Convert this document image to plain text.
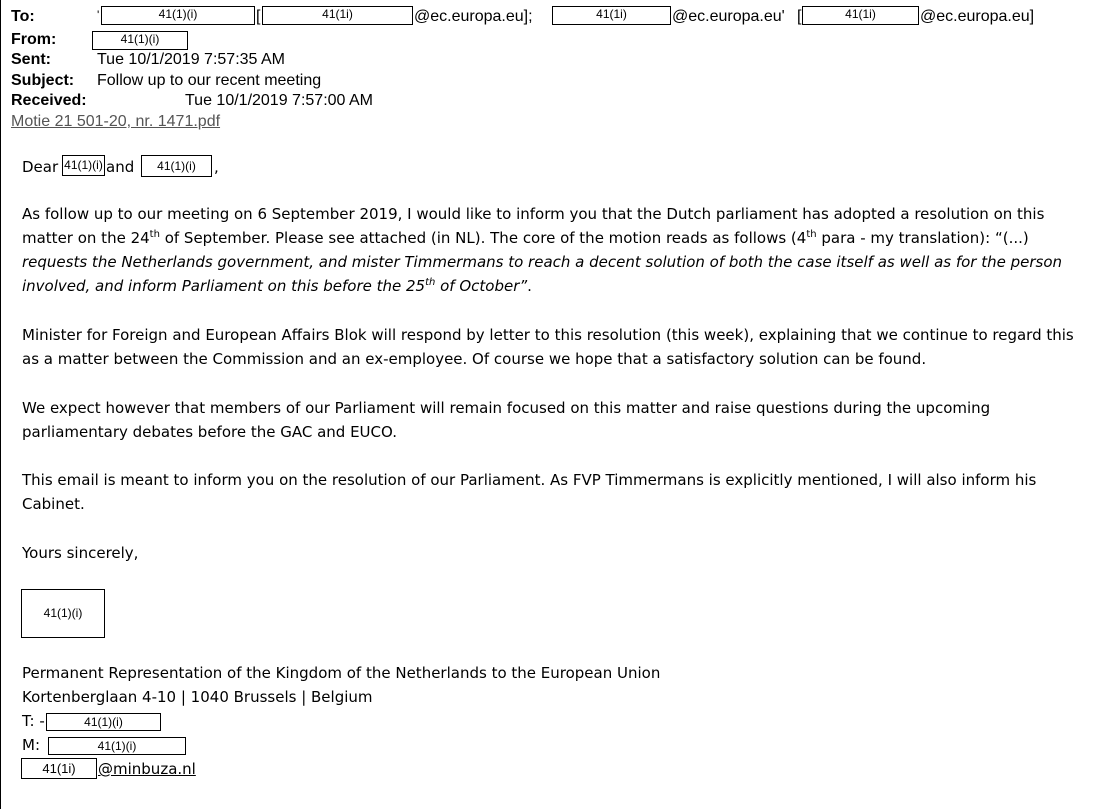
To:	'	41(1)(i)	[	41(1i)	@ec.europa.eu];	41(1i)	@ec.europa.eu' [	41(1i)	@ec.europa.eu]
From:	41(1)(i)
Sent:	Tue 10/1/2019 7:57:35 AM
Subject: Follow up to our recent meeting
Received:	Tue 10/1/2019 7:57:00 AM
Motie 21 501-20, nr. 1471.pdf
Dear 41(1)(i) and	41(1)(i)	,

As follow up to our meeting on 6 September 2019, I would like to inform you that the Dutch parliament has adopted a resolution on this matter on the 24th of September. Please see attached (in NL). The core of the motion reads as follows (4th para - my translation): “(...) requests the Netherlands government, and mister Timmermans to reach a decent solution of both the case itself as well as for the person involved, and inform Parliament on this before the 25th of October”.

Minister for Foreign and European Affairs Blok will respond by letter to this resolution (this week), explaining that we continue to regard this as a matter between the Commission and an ex-employee. Of course we hope that a satisfactory solution can be found.

We expect however that members of our Parliament will remain focused on this matter and raise questions during the upcoming parliamentary debates before the GAC and EUCO.

This email is meant to inform you on the resolution of our Parliament. As FVP Timmermans is explicitly mentioned, I will also inform his Cabinet.

Yours sincerely,

41(1)(i)
Permanent Representation of the Kingdom of the Netherlands to the European Union
Kortenberglaan 4-10 | 1040 Brussels | Belgium
T: -	41(1)(i)
M:	41(1)(i)
41(1i)	@minbuza.nl
